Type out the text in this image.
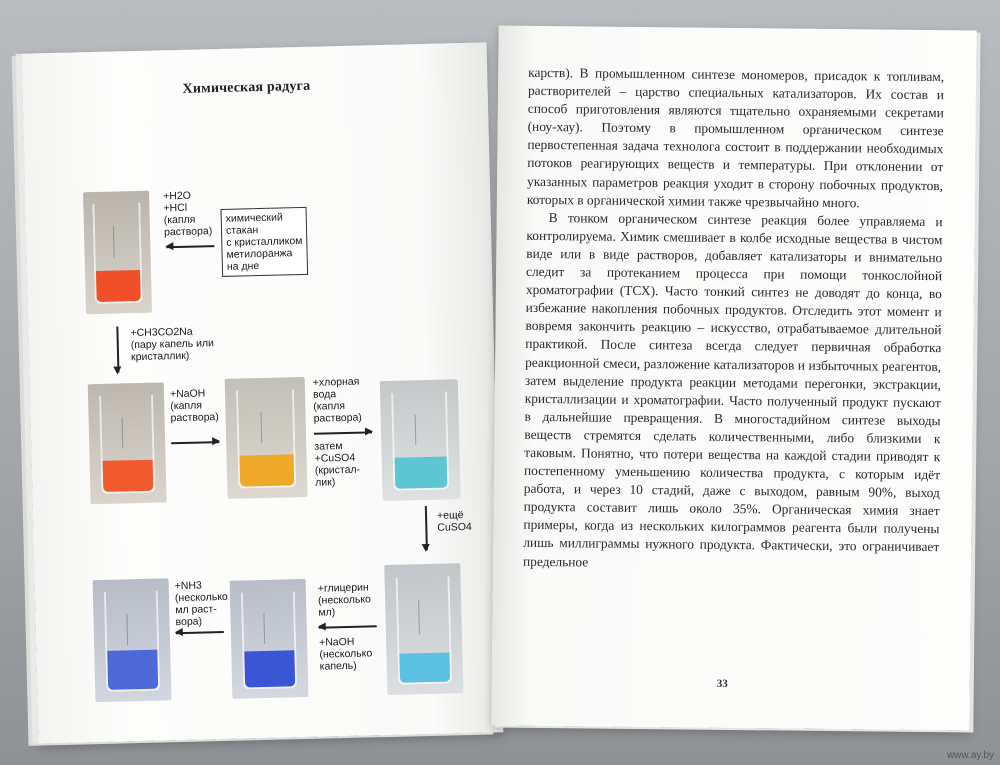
Химическая радуга
+H2O
+HCl
(капля
раствора)
химический
стакан
с кристалликом
метилоранжа
на дне
+CH3CO2Na
(пару капель или
кристаллик)
+NaOH
(капля
раствора)
+хлорная
вода
(капля
раствора)
затем
+CuSO4
(кристал-
лик)
+ещё
CuSO4
+NH3
(несколько
мл раст-
вора)
+глицерин
(несколько
мл)
+NaOH
(несколько
капель)

карств). В промышленном синтезе мономеров, присадок к топливам, растворителей – царство специальных катализаторов. Их состав и способ приготовления являются тщательно охраняемыми секретами (ноу-хау). Поэтому в промышленном органическом синтезе первостепенная задача технолога состоит в поддержании необходимых потоков реагирующих веществ и температуры. При отклонении от указанных параметров реакция уходит в сторону побочных продуктов, которых в органической химии также чрезвычайно много.

В тонком органическом синтезе реакция более управляема и контролируема. Химик смешивает в колбе исходные вещества в чистом виде или в виде растворов, добавляет катализаторы и внимательно следит за протеканием процесса при помощи тонкослойной хроматографии (ТСХ). Часто тонкий синтез не доводят до конца, во избежание накопления побочных продуктов. Отследить этот момент и вовремя закончить реакцию – искусство, отрабатываемое длительной практикой. После синтеза всегда следует первичная обработка реакционной смеси, разложение катализаторов и избыточных реагентов, затем выделение продукта реакции методами перегонки, экстракции, кристаллизации и хроматографии. Часто полученный продукт пускают в дальнейшие превращения. В многостадийном синтезе выходы веществ стремятся сделать количественными, либо близкими к таковым. Понятно, что потери вещества на каждой стадии приводят к постепенному уменьшению количества продукта, с которым идёт работа, и через 10 стадий, даже с выходом, равным 90%, выход продукта составит лишь около 35%. Органическая химия знает примеры, когда из нескольких килограммов реагента были получены лишь миллиграммы нужного продукта. Фактически, это ограничивает предельное

33
www.ay.by
